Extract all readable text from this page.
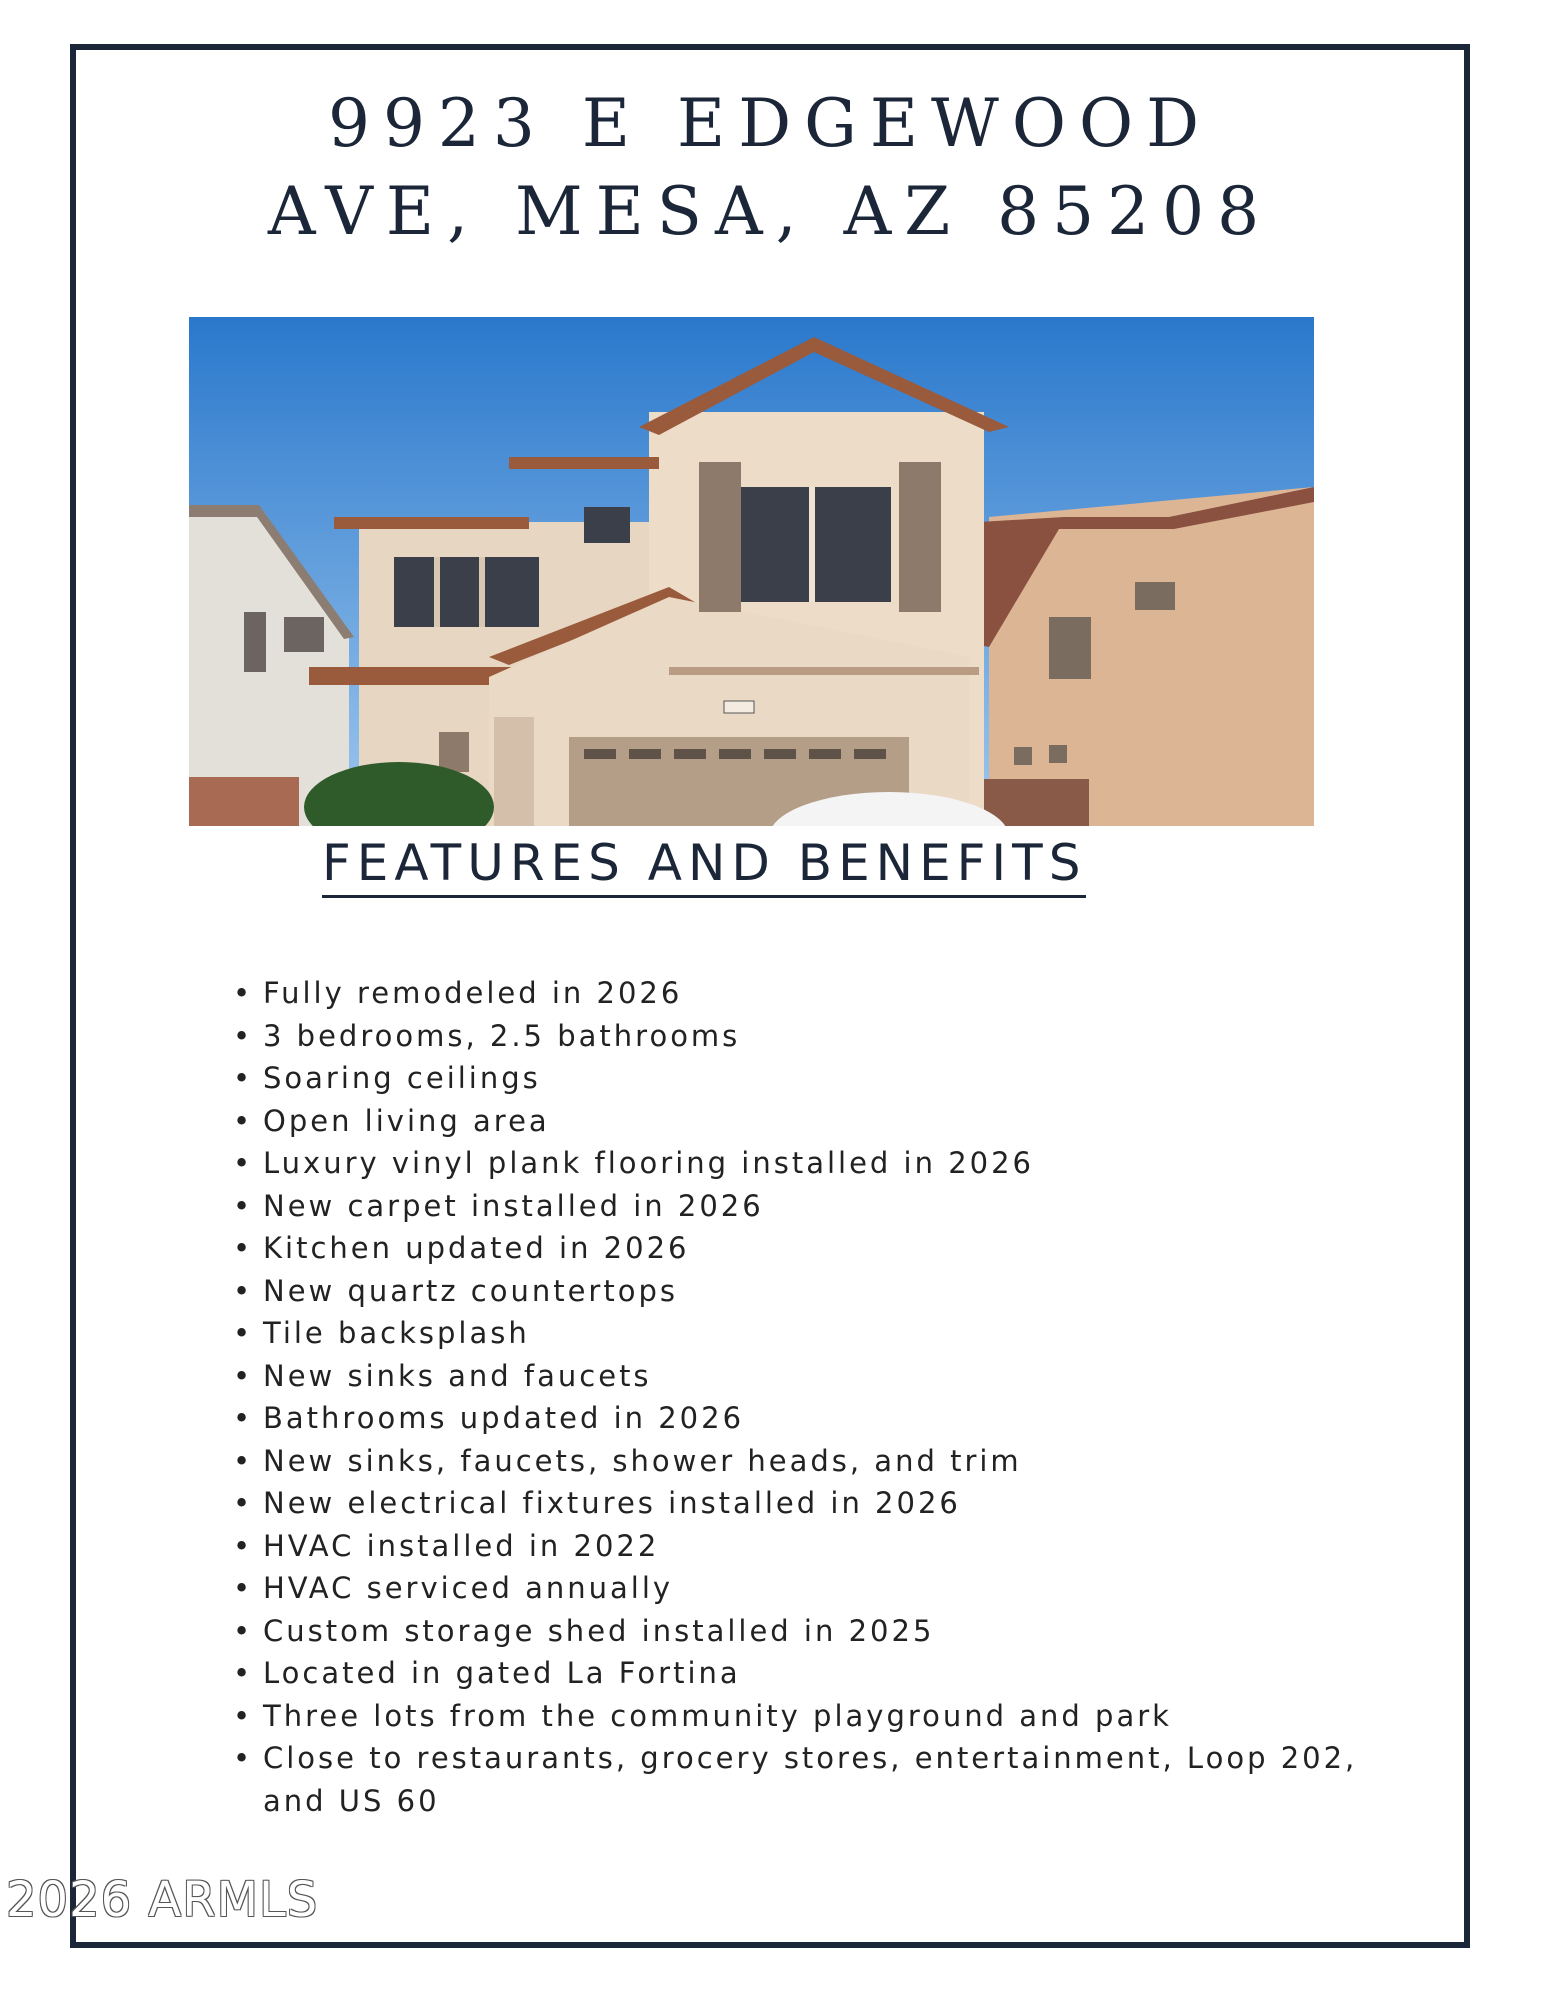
9923 E EDGEWOOD
AVE, MESA, AZ 85208
FEATURES AND BENEFITS
• Fully remodeled in 2026
• 3 bedrooms, 2.5 bathrooms
• Soaring ceilings
• Open living area
• Luxury vinyl plank flooring installed in 2026
• New carpet installed in 2026
• Kitchen updated in 2026
• New quartz countertops
• Tile backsplash
• New sinks and faucets
• Bathrooms updated in 2026
• New sinks, faucets, shower heads, and trim
• New electrical fixtures installed in 2026
• HVAC installed in 2022
• HVAC serviced annually
• Custom storage shed installed in 2025
• Located in gated La Fortina
• Three lots from the community playground and park
• Close to restaurants, grocery stores, entertainment, Loop 202, and US 60
2026 ARMLS
